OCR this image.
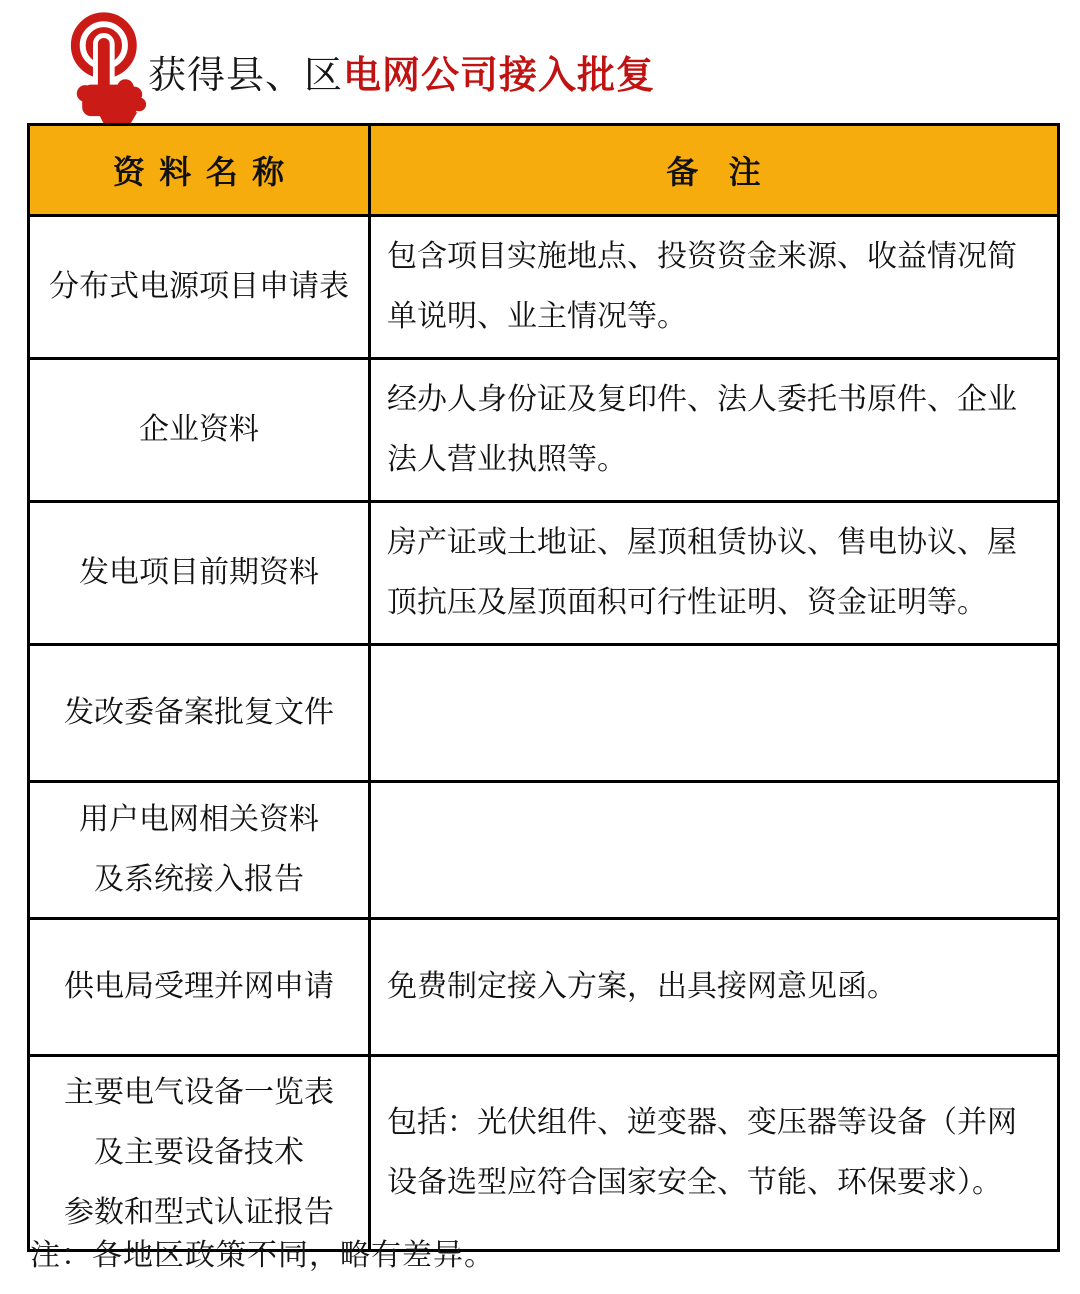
获得县、区电网公司接入批复
资料名称	备注

分布式电源项目申请表	包含项目实施地点、投资资金来源、收益情况简单说明、业主情况等。

企业资料	经办人身份证及复印件、法人委托书原件、企业法人营业执照等。

发电项目前期资料	房产证或土地证、屋顶租赁协议、售电协议、屋顶抗压及屋顶面积可行性证明、资金证明等。

发改委备案批复文件	

用户电网相关资料
及系统接入报告	

供电局受理并网申请	免费制定接入方案，出具接网意见函。

主要电气设备一览表
及主要设备技术
参数和型式认证报告	包括：光伏组件、逆变器、变压器等设备（并网设备选型应符合国家安全、节能、环保要求）。
注：各地区政策不同，略有差异。
